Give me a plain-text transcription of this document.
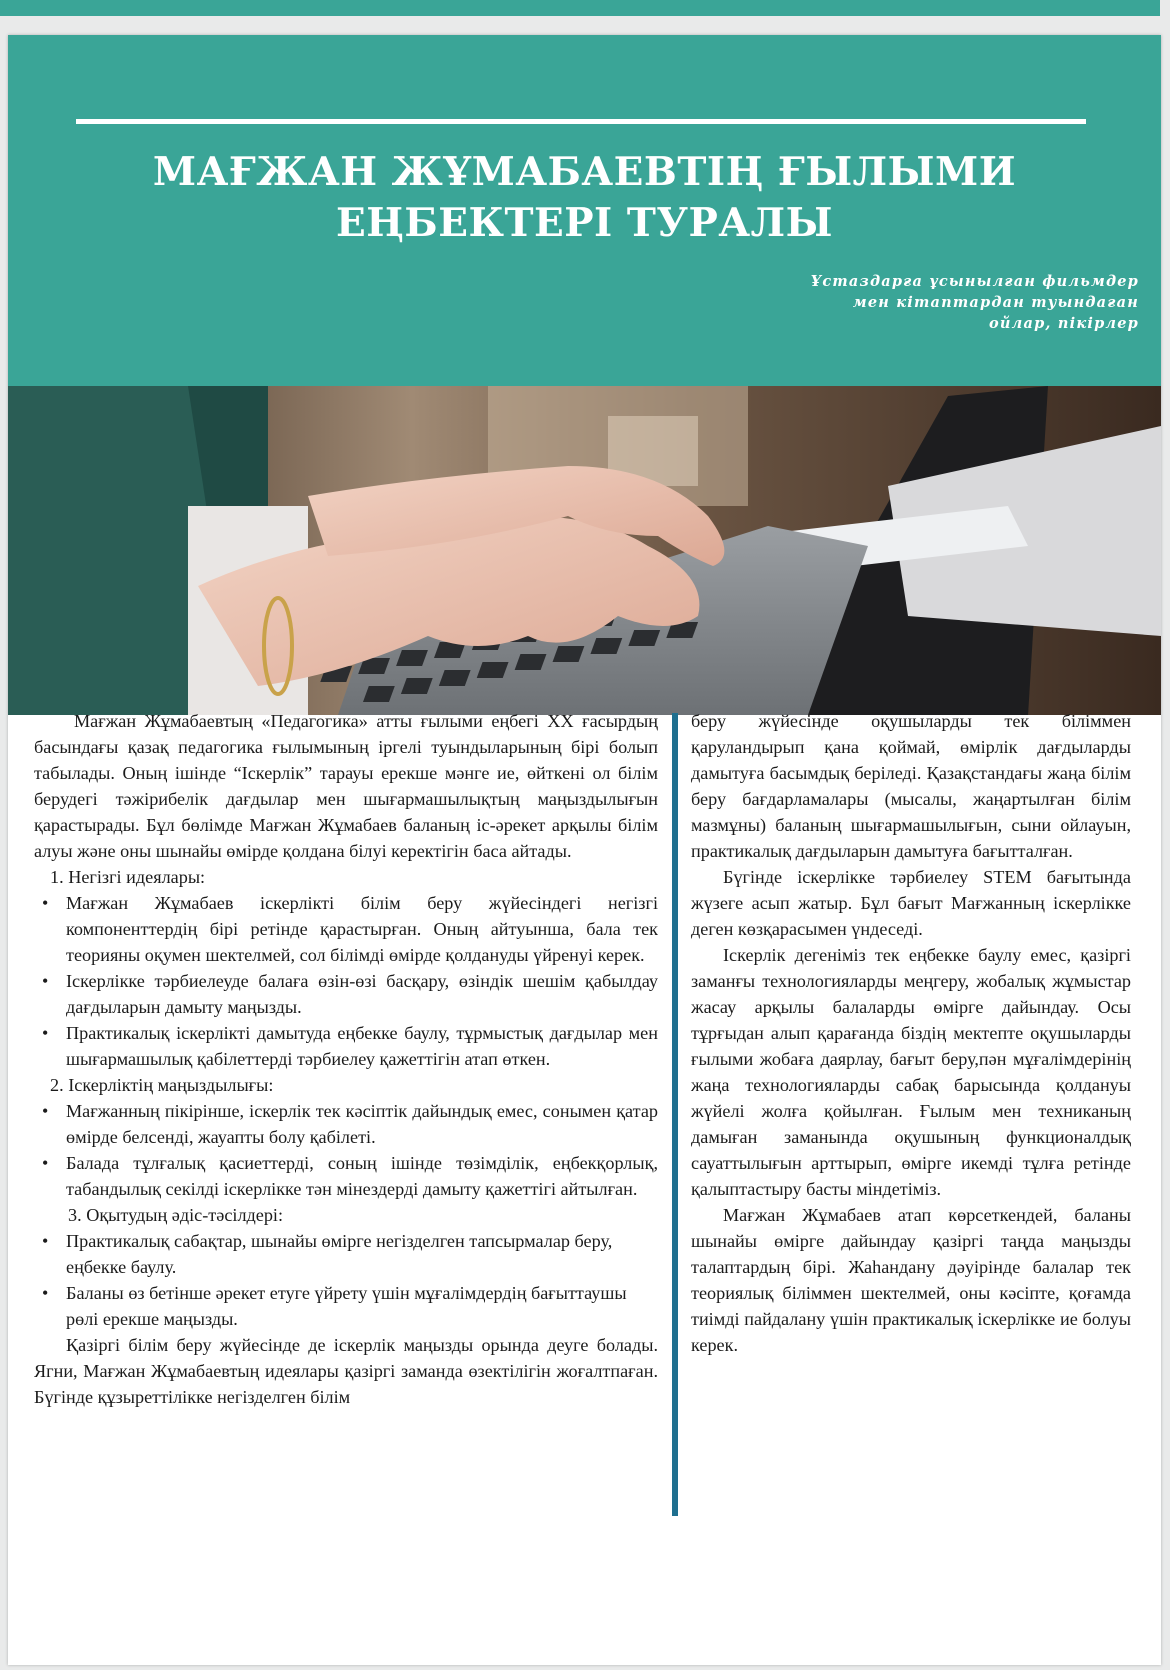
МАҒЖАН ЖҰМАБАЕВТІҢ ҒЫЛЫМИ
ЕҢБЕКТЕРІ ТУРАЛЫ
Ұстаздарға ұсынылған фильмдер
мен кітаптардан туындаған
ойлар, пікірлер

Мағжан Жұмабаевтың «Педагогика» атты ғылыми еңбегі XX ғасырдың басындағы қазақ педагогика ғылымының іргелі туындыларының бірі болып табылады. Оның ішінде “Іскерлік” тарауы ерекше мәнге ие, өйткені ол білім берудегі тәжірибелік дағдылар мен шығармашылықтың маңыздылығын қарастырады. Бұл бөлімде Мағжан Жұмабаев баланың іс-әрекет арқылы білім алуы және оны шынайы өмірде қолдана білуі керектігін баса айтады.

1. Негізгі идеялары:

• Мағжан Жұмабаев іскерлікті білім беру жүйесіндегі негізгі компоненттердің бірі ретінде қарастырған. Оның айтуынша, бала тек теорияны оқумен шектелмей, сол білімді өмірде қолдануды үйренуі керек.
• Іскерлікке тәрбиелеуде балаға өзін-өзі басқару, өзіндік шешім қабылдау дағдыларын дамыту маңызды.
• Практикалық іскерлікті дамытуда еңбекке баулу, тұрмыстық дағдылар мен шығармашылық қабілеттерді тәрбиелеу қажеттігін атап өткен.

2. Іскерліктің маңыздылығы:

• Мағжанның пікірінше, іскерлік тек кәсіптік дайындық емес, сонымен қатар өмірде белсенді, жауапты болу қабілеті.
• Балада тұлғалық қасиеттерді, соның ішінде төзімділік, еңбекқорлық, табандылық секілді іскерлікке тән мінездерді дамыту қажеттігі айтылған.

3. Оқытудың әдіс-тәсілдері:

• Практикалық сабақтар, шынайы өмірге негізделген тапсырмалар беру, еңбекке баулу.
• Баланы өз бетінше әрекет етуге үйрету үшін мұғалімдердің бағыттаушы рөлі ерекше маңызды.

Қазіргі білім беру жүйесінде де іскерлік маңызды орында деуге болады. Ягни, Мағжан Жұмабаевтың идеялары қазіргі заманда өзектілігін жоғалтпаған. Бүгінде құзыреттілікке негізделген білім

беру жүйесінде оқушыларды тек біліммен қаруландырып қана қоймай, өмірлік дағдыларды дамытуға басымдық беріледі. Қазақстандағы жаңа білім беру бағдарламалары (мысалы, жаңартылған білім мазмұны) баланың шығармашылығын, сыни ойлауын, практикалық дағдыларын дамытуға бағытталған.

Бүгінде іскерлікке тәрбиелеу STEM бағытында жүзеге асып жатыр. Бұл бағыт Мағжанның іскерлікке деген көзқарасымен үндеседі.

Іскерлік дегеніміз тек еңбекке баулу емес, қазіргі заманғы технологияларды меңгеру, жобалық жұмыстар жасау арқылы балаларды өмірге дайындау. Осы тұрғыдан алып қарағанда біздің мектепте оқушыларды ғылыми жобаға даярлау, бағыт беру,пән мұғалімдерінің жаңа технологияларды сабақ барысында қолдануы жүйелі жолға қойылған. Ғылым мен техниканың дамыған заманында оқушының функционалдық сауаттылығын арттырып, өмірге икемді тұлға ретінде қалыптастыру басты міндетіміз.

Мағжан Жұмабаев атап көрсеткендей, баланы шынайы өмірге дайындау қазіргі таңда маңызды талаптардың бірі. Жаһандану дәуірінде балалар тек теориялық біліммен шектелмей, оны кәсіпте, қоғамда тиімді пайдалану үшін практикалық іскерлікке ие болуы керек.
